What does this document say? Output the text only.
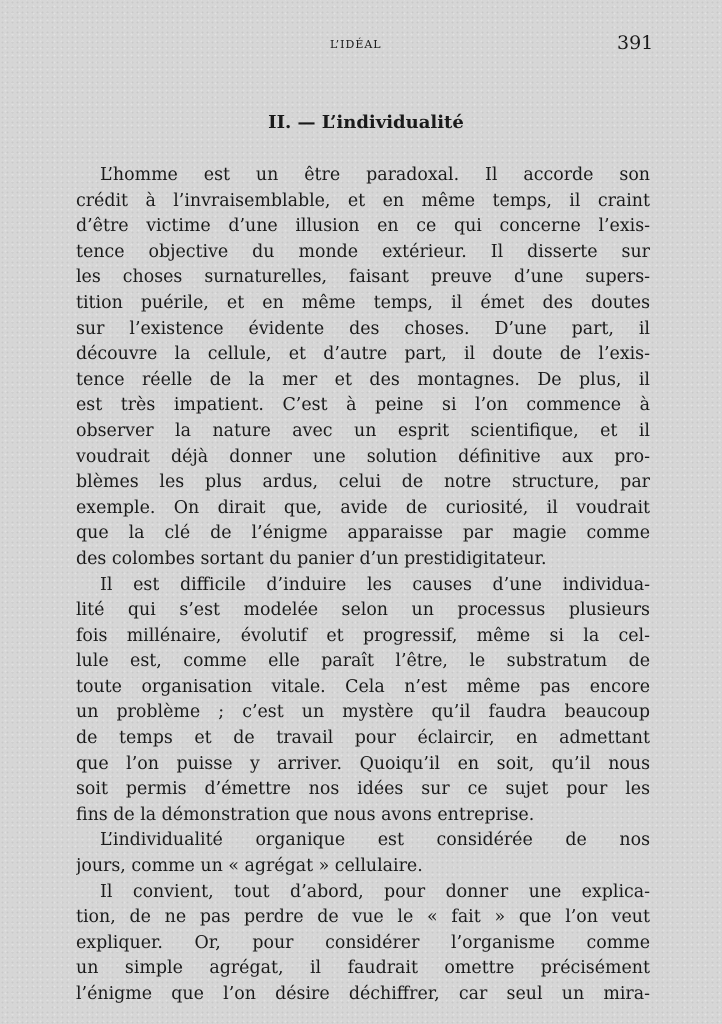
L’IDÉAL	391
II. — L’individualité
L’homme est un être paradoxal. Il accorde son
crédit à l’invraisemblable, et en même temps, il craint
d’être victime d’une illusion en ce qui concerne l’exis-
tence objective du monde extérieur. Il disserte sur
les choses surnaturelles, faisant preuve d’une supers-
tition puérile, et en même temps, il émet des doutes
sur l’existence évidente des choses. D’une part, il
découvre la cellule, et d’autre part, il doute de l’exis-
tence réelle de la mer et des montagnes. De plus, il
est très impatient. C’est à peine si l’on commence à
observer la nature avec un esprit scientifique, et il
voudrait déjà donner une solution définitive aux pro-
blèmes les plus ardus, celui de notre structure, par
exemple. On dirait que, avide de curiosité, il voudrait
que la clé de l’énigme apparaisse par magie comme
des colombes sortant du panier d’un prestidigitateur.
Il est difficile d’induire les causes d’une individua-
lité qui s’est modelée selon un processus plusieurs
fois millénaire, évolutif et progressif, même si la cel-
lule est, comme elle paraît l’être, le substratum de
toute organisation vitale. Cela n’est même pas encore
un problème ; c’est un mystère qu’il faudra beaucoup
de temps et de travail pour éclaircir, en admettant
que l’on puisse y arriver. Quoiqu’il en soit, qu’il nous
soit permis d’émettre nos idées sur ce sujet pour les
fins de la démonstration que nous avons entreprise.
L’individualité organique est considérée de nos
jours, comme un « agrégat » cellulaire.
Il convient, tout d’abord, pour donner une explica-
tion, de ne pas perdre de vue le « fait » que l’on veut
expliquer. Or, pour considérer l’organisme comme
un simple agrégat, il faudrait omettre précisément
l’énigme que l’on désire déchiffrer, car seul un mira-
